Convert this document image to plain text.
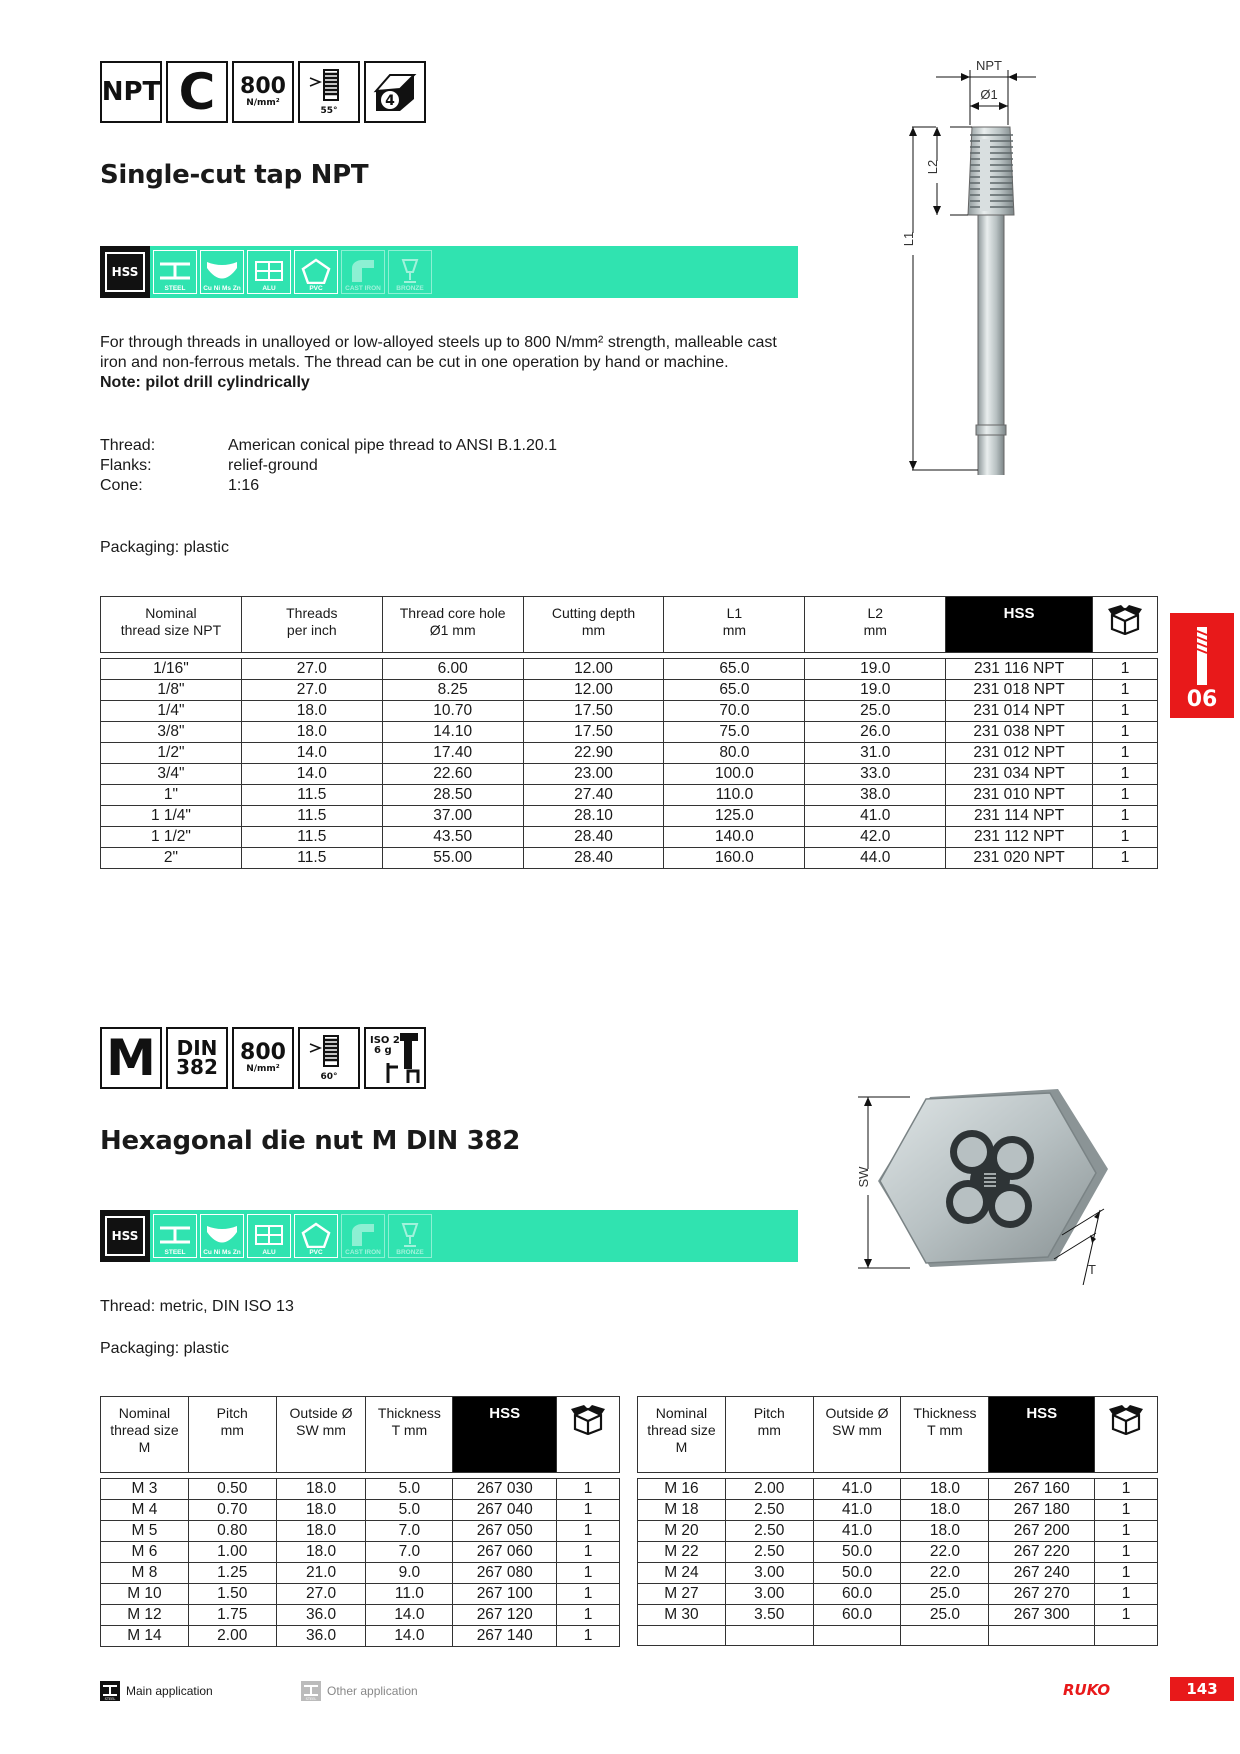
NPT C 800
N/mm²
55°
4
Single-cut tap NPT
HSS
STEEL	Cu Ni Ms Zn	ALU	PVC	CAST IRON BRONZE
For through threads in unalloyed or low-alloyed steels up to 800 N/mm² strength, malleable cast iron and non-ferrous metals. The thread can be cut in one operation by hand or machine.
Note: pilot drill cylindrically
Thread:	American conical pipe thread to ANSI B.1.20.1
Flanks:	relief-ground
Cone:	1:16
Packaging: plastic
NPT
Ø1
L2
L1
06
Nominal
thread size NPT	Threads
per inch	Thread core hole
Ø1 mm	Cutting depth
mm	L1
mm	L2
mm	HSS	

1/16"	27.0	6.00	12.00	65.0	19.0	231 116 NPT	1
1/8"	27.0	8.25	12.00	65.0	19.0	231 018 NPT	1
1/4"	18.0	10.70	17.50	70.0	25.0	231 014 NPT	1
3/8"	18.0	14.10	17.50	75.0	26.0	231 038 NPT	1
1/2"	14.0	17.40	22.90	80.0	31.0	231 012 NPT	1
3/4"	14.0	22.60	23.00	100.0	33.0	231 034 NPT	1
1"	11.5	28.50	27.40	110.0	38.0	231 010 NPT	1
1 1/4"	11.5	37.00	28.10	125.0	41.0	231 114 NPT	1
1 1/2"	11.5	43.50	28.40	140.0	42.0	231 112 NPT	1
2"	11.5	55.00	28.40	160.0	44.0	231 020 NPT	1
M DIN
382
800
N/mm²
60°
ISO 2
6 g
Hexagonal die nut M DIN 382
HSS
STEEL	Cu Ni Ms Zn	ALU	PVC	CAST IRON BRONZE
Thread: metric, DIN ISO 13
Packaging: plastic
SW
T
Nominal
thread size
M	Pitch
mm	Outside Ø
SW mm	Thickness
T mm	HSS	

M 3	0.50	18.0	5.0	267 030	1
M 4	0.70	18.0	5.0	267 040	1
M 5	0.80	18.0	7.0	267 050	1
M 6	1.00	18.0	7.0	267 060	1
M 8	1.25	21.0	9.0	267 080	1
M 10	1.50	27.0	11.0	267 100	1
M 12	1.75	36.0	14.0	267 120	1
M 14	2.00	36.0	14.0	267 140	1
Nominal
thread size
M	Pitch
mm	Outside Ø
SW mm	Thickness
T mm	HSS	

M 16	2.00	41.0	18.0	267 160	1
M 18	2.50	41.0	18.0	267 180	1
M 20	2.50	41.0	18.0	267 200	1
M 22	2.50	50.0	22.0	267 220	1
M 24	3.00	50.0	22.0	267 240	1
M 27	3.00	60.0	25.0	267 270	1
M 30	3.50	60.0	25.0	267 300	1

STEEL
Main application
STEEL
Other application	RUKO	143
